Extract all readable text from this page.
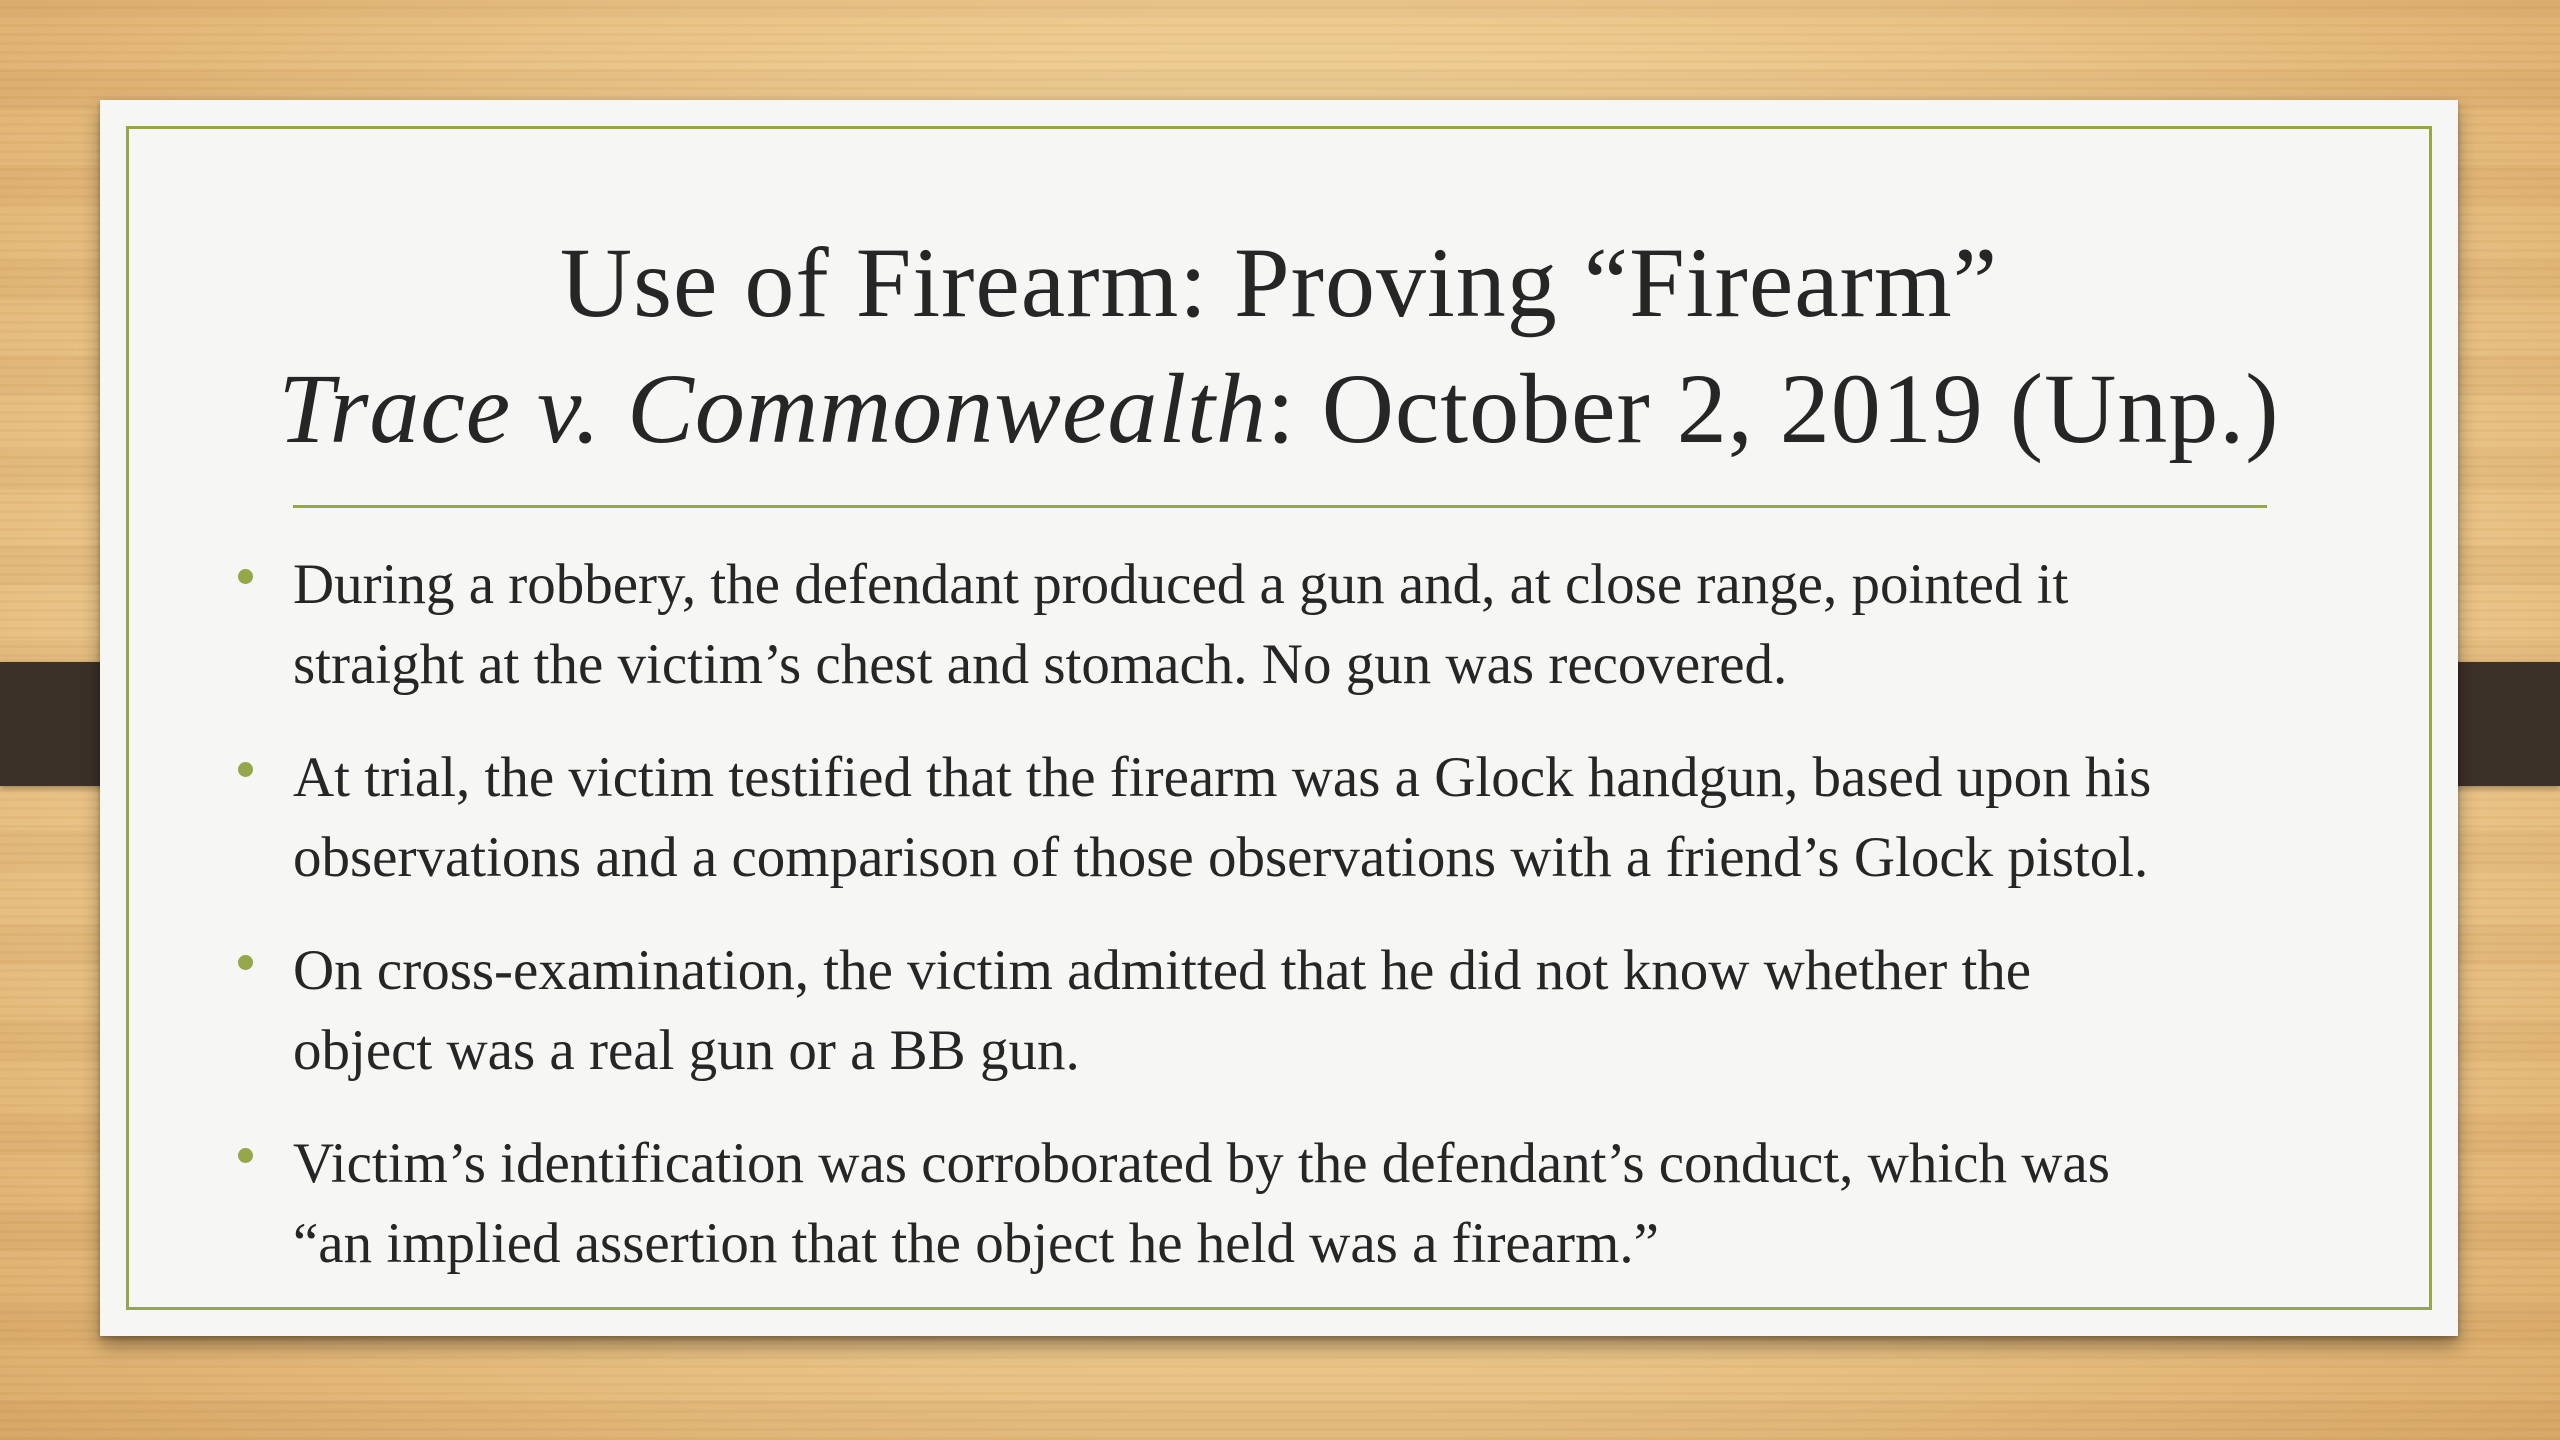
Use of Firearm: Proving “Firearm”
Trace v. Commonwealth: October 2, 2019 (Unp.)
During a robbery, the defendant produced a gun and, at close range, pointed it
straight at the victim’s chest and stomach. No gun was recovered.
At trial, the victim testified that the firearm was a Glock handgun, based upon his
observations and a comparison of those observations with a friend’s Glock pistol.
On cross-examination, the victim admitted that he did not know whether the
object was a real gun or a BB gun.
Victim’s identification was corroborated by the defendant’s conduct, which was
“an implied assertion that the object he held was a firearm.”
